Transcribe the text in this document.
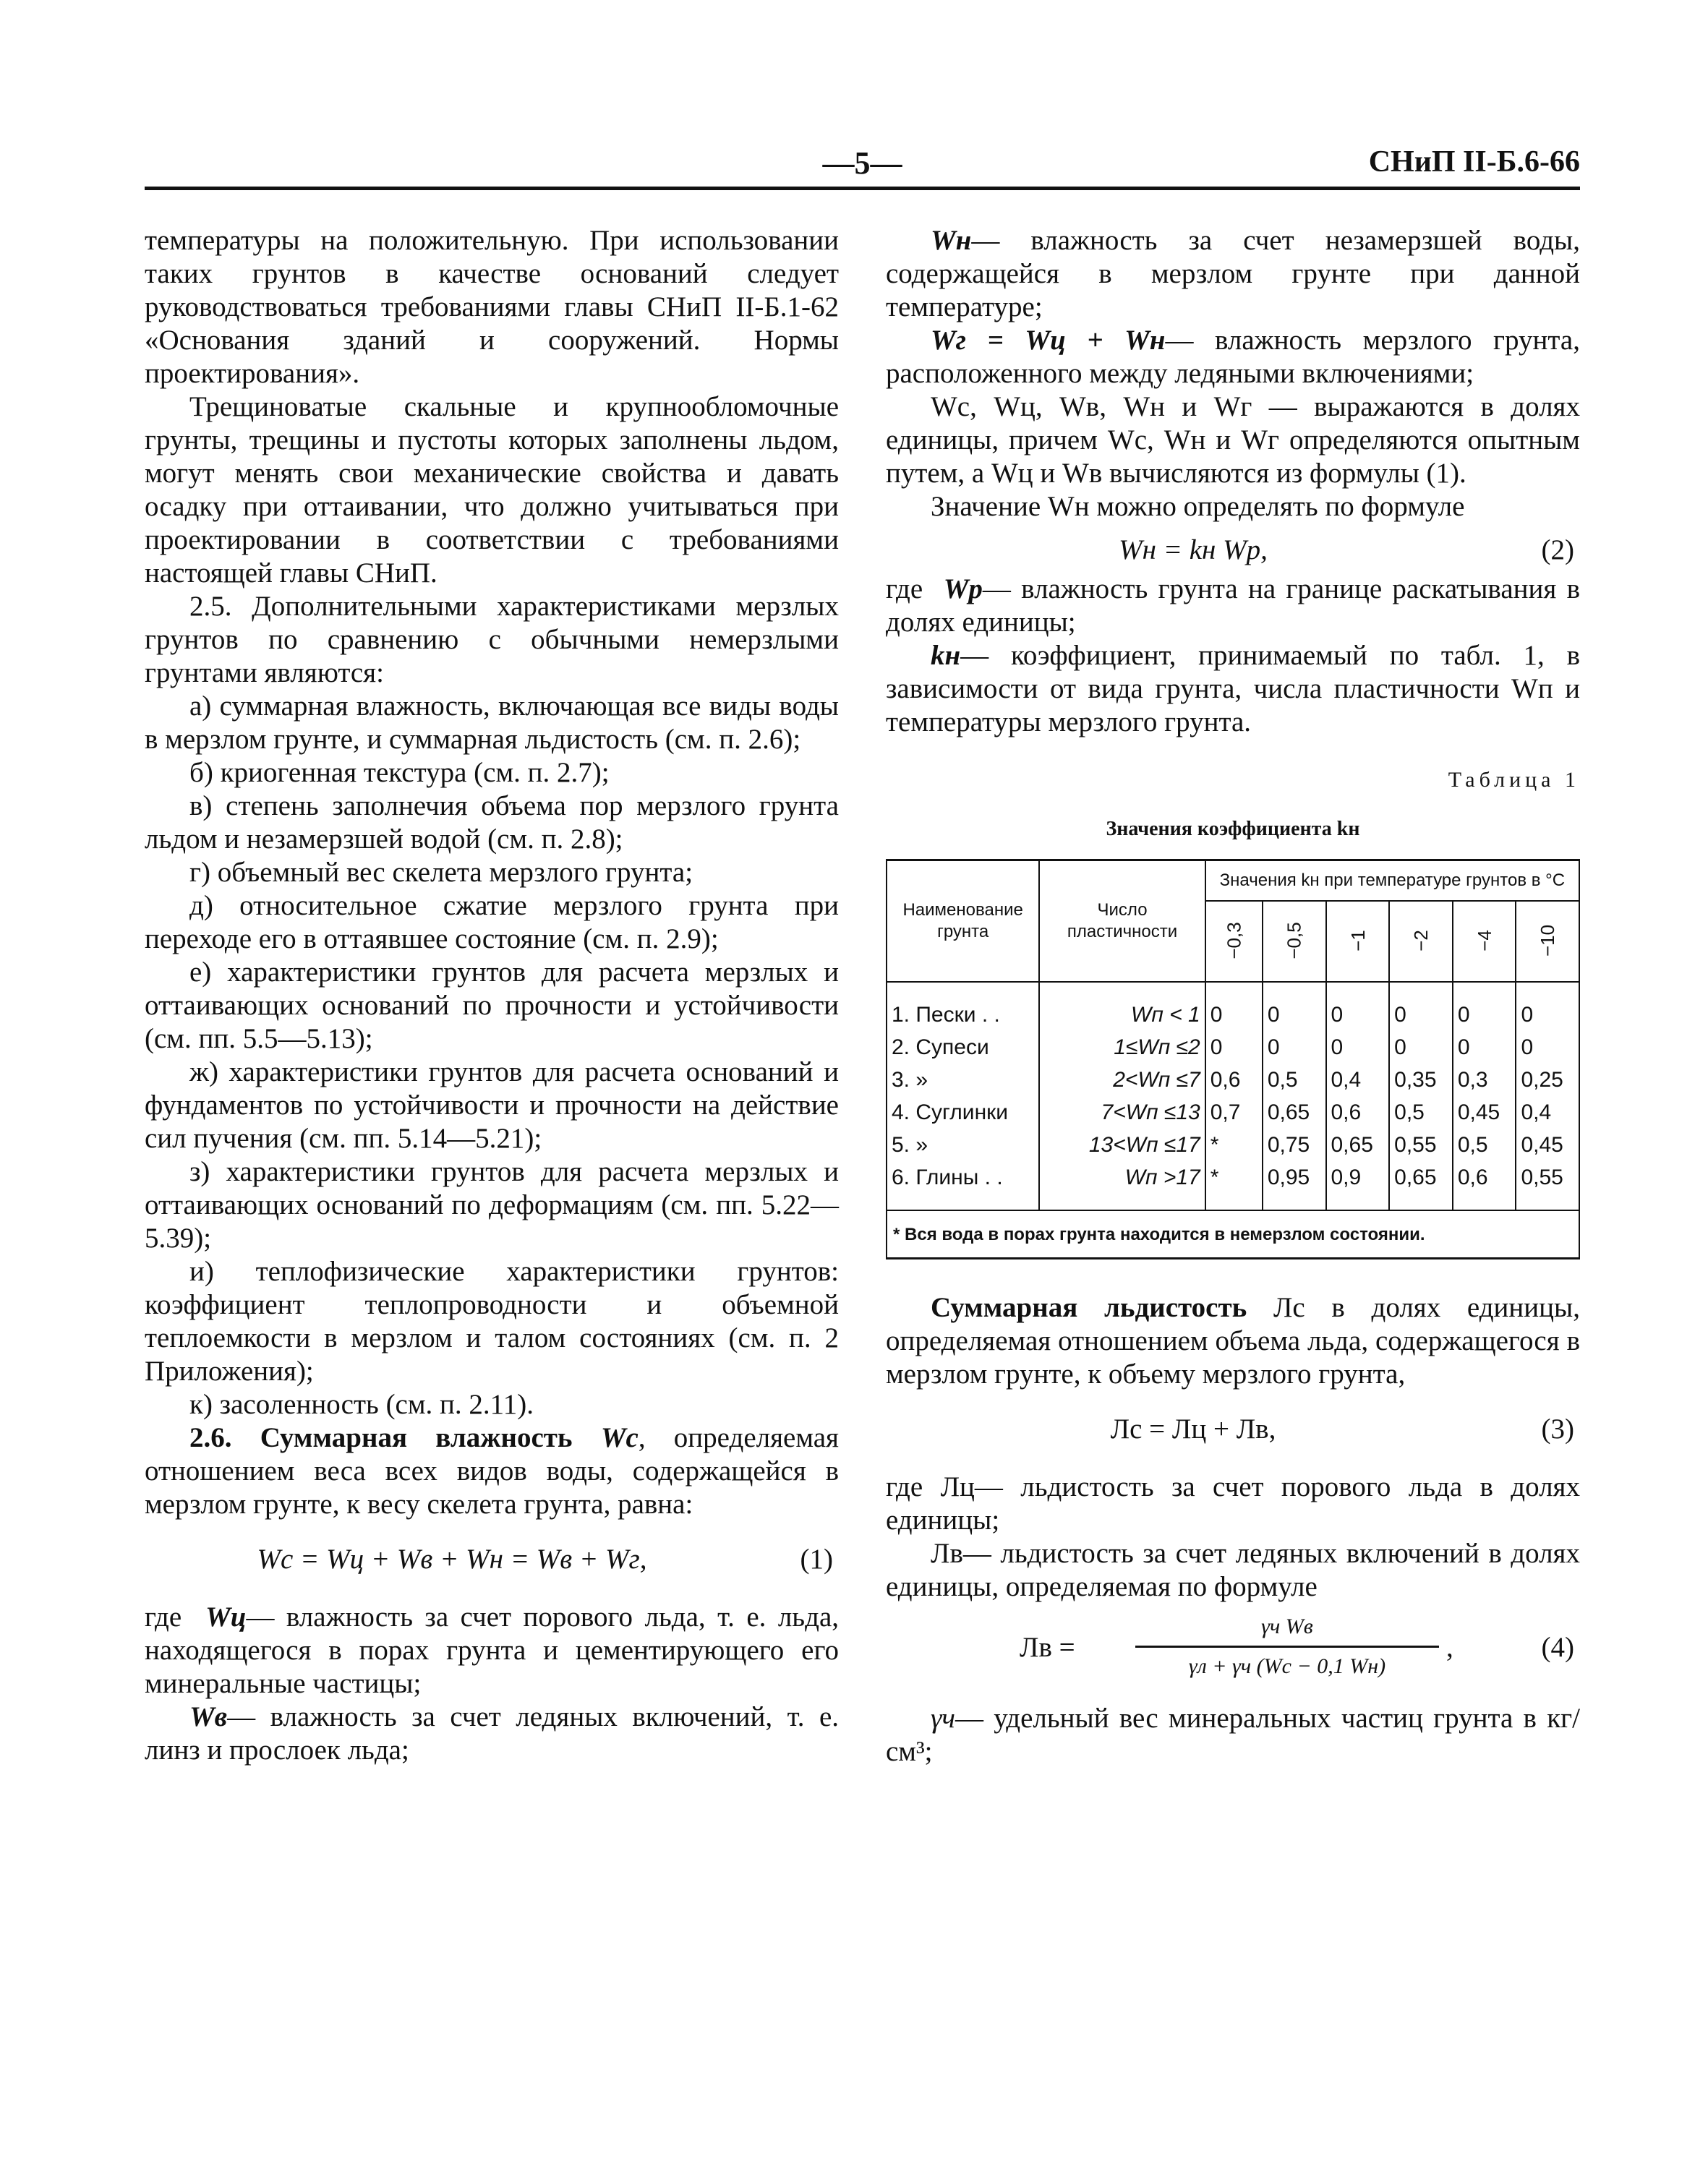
—5—	СНиП II-Б.6-66

температуры на положительную. При использовании таких грунтов в качестве оснований следует руководствоваться требованиями главы СНиП II-Б.1-62 «Основания зданий и сооружений. Нормы проектирования».

Трещиноватые скальные и крупнообломочные грунты, трещины и пустоты которых заполнены льдом, могут менять свои механические свойства и давать осадку при оттаивании, что должно учитываться при проектировании в соответствии с требованиями настоящей главы СНиП.

2.5. Дополнительными характеристиками мерзлых грунтов по сравнению с обычными немерзлыми грунтами являются:

а) суммарная влажность, включающая все виды воды в мерзлом грунте, и суммарная льдистость (см. п. 2.6);

б) криогенная текстура (см. п. 2.7);

в) степень заполнечия объема пор мерзлого грунта льдом и незамерзшей водой (см. п. 2.8);

г) объемный вес скелета мерзлого грунта;

д) относительное сжатие мерзлого грунта при переходе его в оттаявшее состояние (см. п. 2.9);

е) характеристики грунтов для расчета мерзлых и оттаивающих оснований по прочности и устойчивости (см. пп. 5.5—5.13);

ж) характеристики грунтов для расчета оснований и фундаментов по устойчивости и прочности на действие сил пучения (см. пп. 5.14—5.21);

з) характеристики грунтов для расчета мерзлых и оттаивающих оснований по деформациям (см. пп. 5.22—5.39);

и) теплофизические характеристики грунтов: коэффициент теплопроводности и объемной теплоемкости в мерзлом и талом состояниях (см. п. 2 Приложения);

к) засоленность (см. п. 2.11).

2.6. Суммарная влажность Wс, определяемая отношением веса всех видов воды, содержащейся в мерзлом грунте, к весу скелета грунта, равна:

Wс = Wц + Wв + Wн = Wв + Wг,	(1)

где Wц— влажность за счет порового льда, т. е. льда, находящегося в порах грунта и цементирующего его минеральные частицы;

Wв— влажность за счет ледяных включений, т. е. линз и прослоек льда;

Wн— влажность за счет незамерзшей воды, содержащейся в мерзлом грунте при данной температуре;

Wг = Wц + Wн— влажность мерзлого грунта, расположенного между ледяными включениями;

Wс, Wц, Wв, Wн и Wг — выражаются в долях единицы, причем Wс, Wн и Wг определяются опытным путем, а Wц и Wв вычисляются из формулы (1).

Значение Wн можно определять по формуле

Wн = kн Wр,	(2)

где Wр— влажность грунта на границе раскатывания в долях единицы;

kн— коэффициент, принимаемый по табл. 1, в зависимости от вида грунта, числа пластичности Wп и температуры мерзлого грунта.

Таблица 1
Значения коэффициента kн
Наименование грунта	Число пластичности	Значения kн при температуре грунтов в °С					
		−0,3	−0,5	−1	−2	−4	−10
1. Пески . .	Wп < 1	0	0	0	0	0	0
2. Супеси	1≤Wп ≤2	0	0	0	0	0	0
3. »	2<Wп ≤7	0,6	0,5	0,4	0,35	0,3	0,25
4. Суглинки	7<Wп ≤13	0,7	0,65	0,6	0,5	0,45	0,4
5. »	13<Wп ≤17	*	0,75	0,65	0,55	0,5	0,45
6. Глины . .	Wп >17	*	0,95	0,9	0,65	0,6	0,55
* Вся вода в порах грунта находится в немерзлом состоянии.

Суммарная льдистость Лс в долях единицы, определяемая отношением объема льда, содержащегося в мерзлом грунте, к объему мерзлого грунта,

Лс = Лц + Лв,	(3)

где Лц— льдистость за счет порового льда в долях единицы;

Лв— льдистость за счет ледяных включений в долях единицы, определяемая по формуле

Лв =
γч Wв
γл + γч (Wс − 0,1 Wн)
,	(4)

γч— удельный вес минеральных частиц грунта в кг/см³;
